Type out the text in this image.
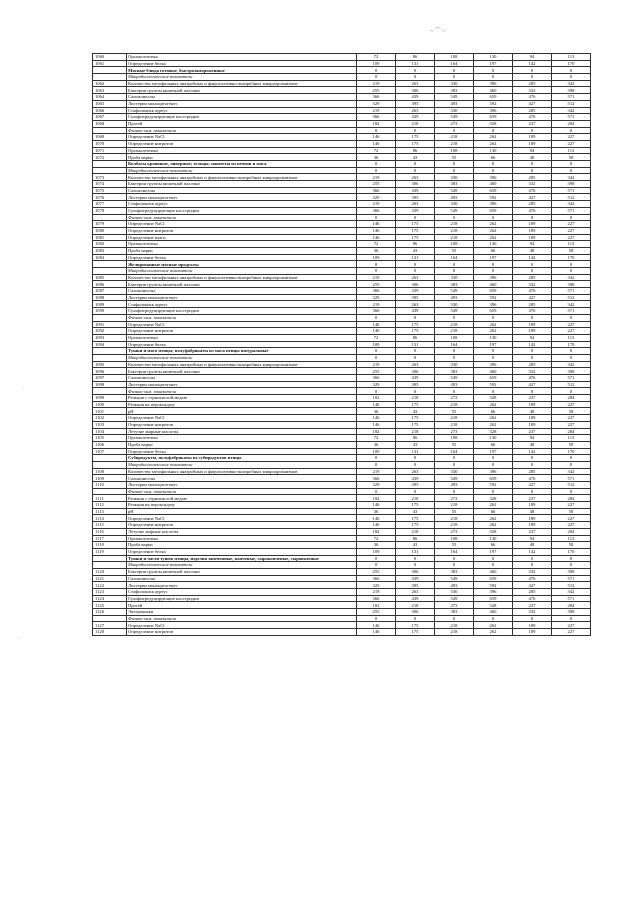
1060	Органолептика	72	86	108	130	94	113
1061	Определение белка	109	131	164	197	142	170
	Мясные блюда готовые, быстрозамороженные	0	0	0	0	0	0
	Микробиологические показатели	0	0	0	0	0	0
1062	Количество мезофильных анаэробных и факультативно-анаэробных микроорганизмов	219	263	330	396	285	342
1063	Бактерии группы кишечной палочки	255	306	383	460	332	398
1064	Сальмонеллы	366	439	549	659	476	571
1065	Листерии моноцитогенес	329	395	493	592	427	512
1066	Стафилококк ауреус	219	263	330	396	285	342
1067	Сульфитредуцирующие клостридии	366	439	549	659	476	571
1068	Протей	182	218	273	328	237	284
	Физико-хим. показатели	0	0	0	0	0	0
1069	Определение NaCl	146	175	218	262	189	227
1070	Определение нитритов	146	175	218	262	189	227
1071	Органолептика	72	86	108	130	94	113
1072	Проба варки	36	43	55	66	48	58
	Колбасы кровяные, ливерные; зельцы; паштеты из печени и мяса	0	0	0	0	0	0
	Микробиологические показатели	0	0	0	0	0	0
1073	Количество мезофильных анаэробных и факультативно-анаэробных микроорганизмов	219	263	330	396	285	342
1074	Бактерии группы кишечной палочки	255	306	383	460	332	398
1075	Сальмонеллы	366	439	549	659	476	571
1076	Листерии моноцитогенес	329	395	493	592	427	512
1077	Стафилококк ауреус	219	263	330	396	285	342
1078	Сульфитредуцирующие клостридии	366	439	549	659	476	571
	Физико-хим. показатели	0	0	0	0	0	0
1079	Определение NaCl	146	175	218	262	189	227
1080	Определение нитритов	146	175	218	262	189	227
1081	Определение влаги	146	175	218	262	189	227
1082	Органолептика	72	86	108	130	94	113
1083	Проба варки	36	43	55	66	48	58
1084	Определение белка	109	131	164	197	142	170
	Желированные мясные продукты	0	0	0	0	0	0
	Микробиологические показатели	0	0	0	0	0	0
1085	Количество мезофильных анаэробных и факультативно-анаэробных микроорганизмов	219	263	330	396	285	342
1086	Бактерии группы кишечной палочки	255	306	383	460	332	398
1087	Сальмонеллы	366	439	549	659	476	571
1088	Листерии моноцитогенес	329	395	493	592	427	512
1089	Стафилококк ауреус	219	263	330	396	285	342
1090	Сульфитредуцирующие клостридии	366	439	549	659	476	571
	Физико-хим. показатели	0	0	0	0	0	0
1091	Определение NaCl	146	175	218	262	189	227
1092	Определение нитритов	146	175	218	262	189	227
1093	Органолептика	72	86	108	130	94	113
1094	Определение белка	109	131	164	197	142	170
	Тушки и мясо птицы; полуфабрикаты из мяса птицы натуральные	0	0	0	0	0	0
	Микробиологические показатели	0	0	0	0	0	0
1095	Количество мезофильных анаэробных и факультативно-анаэробных микроорганизмов	219	263	330	396	285	342
1096	Бактерии группы кишечной палочки	255	306	383	460	332	398
1097	Сальмонеллы	366	439	549	659	476	571
1098	Листерии моноцитогенес	329	395	493	592	427	512
	Физико-хим. показатели	0	0	0	0	0	0
1099	Реакция с сернокислой медью	182	218	273	328	237	284
1100	Реакция на пероксидазу	146	175	218	262	189	227
1101	pH	36	43	55	66	48	58
1102	Определение NaCl	146	175	218	262	189	227
1103	Определение нитритов	146	175	218	262	189	227
1104	Летучие жирные кислоты	182	218	273	328	237	284
1105	Органолептика	72	86	108	130	94	113
1106	Проба варки	36	43	55	66	48	58
1107	Определение белка	109	131	164	197	142	170
	Субпродукты, полуфабрикаты из субпродуктов птицы	0	0	0	0	0	0
	Микробиологические показатели	0	0	0	0	0	0
1108	Количество мезофильных анаэробных и факультативно-анаэробных микроорганизмов	219	263	330	396	285	342
1109	Сальмонеллы	366	439	549	659	476	571
1110	Листерии моноцитогенес	329	395	493	592	427	512
	Физико-хим. показатели	0	0	0	0	0	0
1111	Реакция с сернокислой медью	182	218	273	328	237	284
1112	Реакция на пероксидазу	146	175	218	262	189	227
1113	pH	36	43	55	66	48	58
1114	Определение NaCl	146	175	218	262	189	227
1115	Определение нитритов	146	175	218	262	189	227
1116	Летучие жирные кислоты	182	218	273	328	237	284
1117	Органолептика	72	86	108	130	94	113
1118	Проба варки	36	43	55	66	48	58
1119	Определение белка	109	131	164	197	142	170
	Тушки и части тушек птицы, изделия запеченные, копченые, сырокопченые, сыровяленые	0	0	0	0	0	0
	Микробиологические показатели	0	0	0	0	0	0
1120	Бактерии группы кишечной палочки	255	306	383	460	332	398
1121	Сальмонеллы	366	439	549	659	476	571
1122	Листерии моноцитогенес	329	395	493	592	427	512
1123	Стафилококк ауреус	219	263	330	396	285	342
1124	Сульфитредуцирующие клостридии	366	439	549	659	476	571
1125	Протей	182	218	273	328	237	284
1126	Энтерококки	255	306	383	460	332	398
	Физико-хим. показатели	0	0	0	0	0	0
1127	Определение NaCl	146	175	218	262	189	227
1128	Определение нитритов	146	175	218	262	189	227
~ ⌒ ~
·
·
